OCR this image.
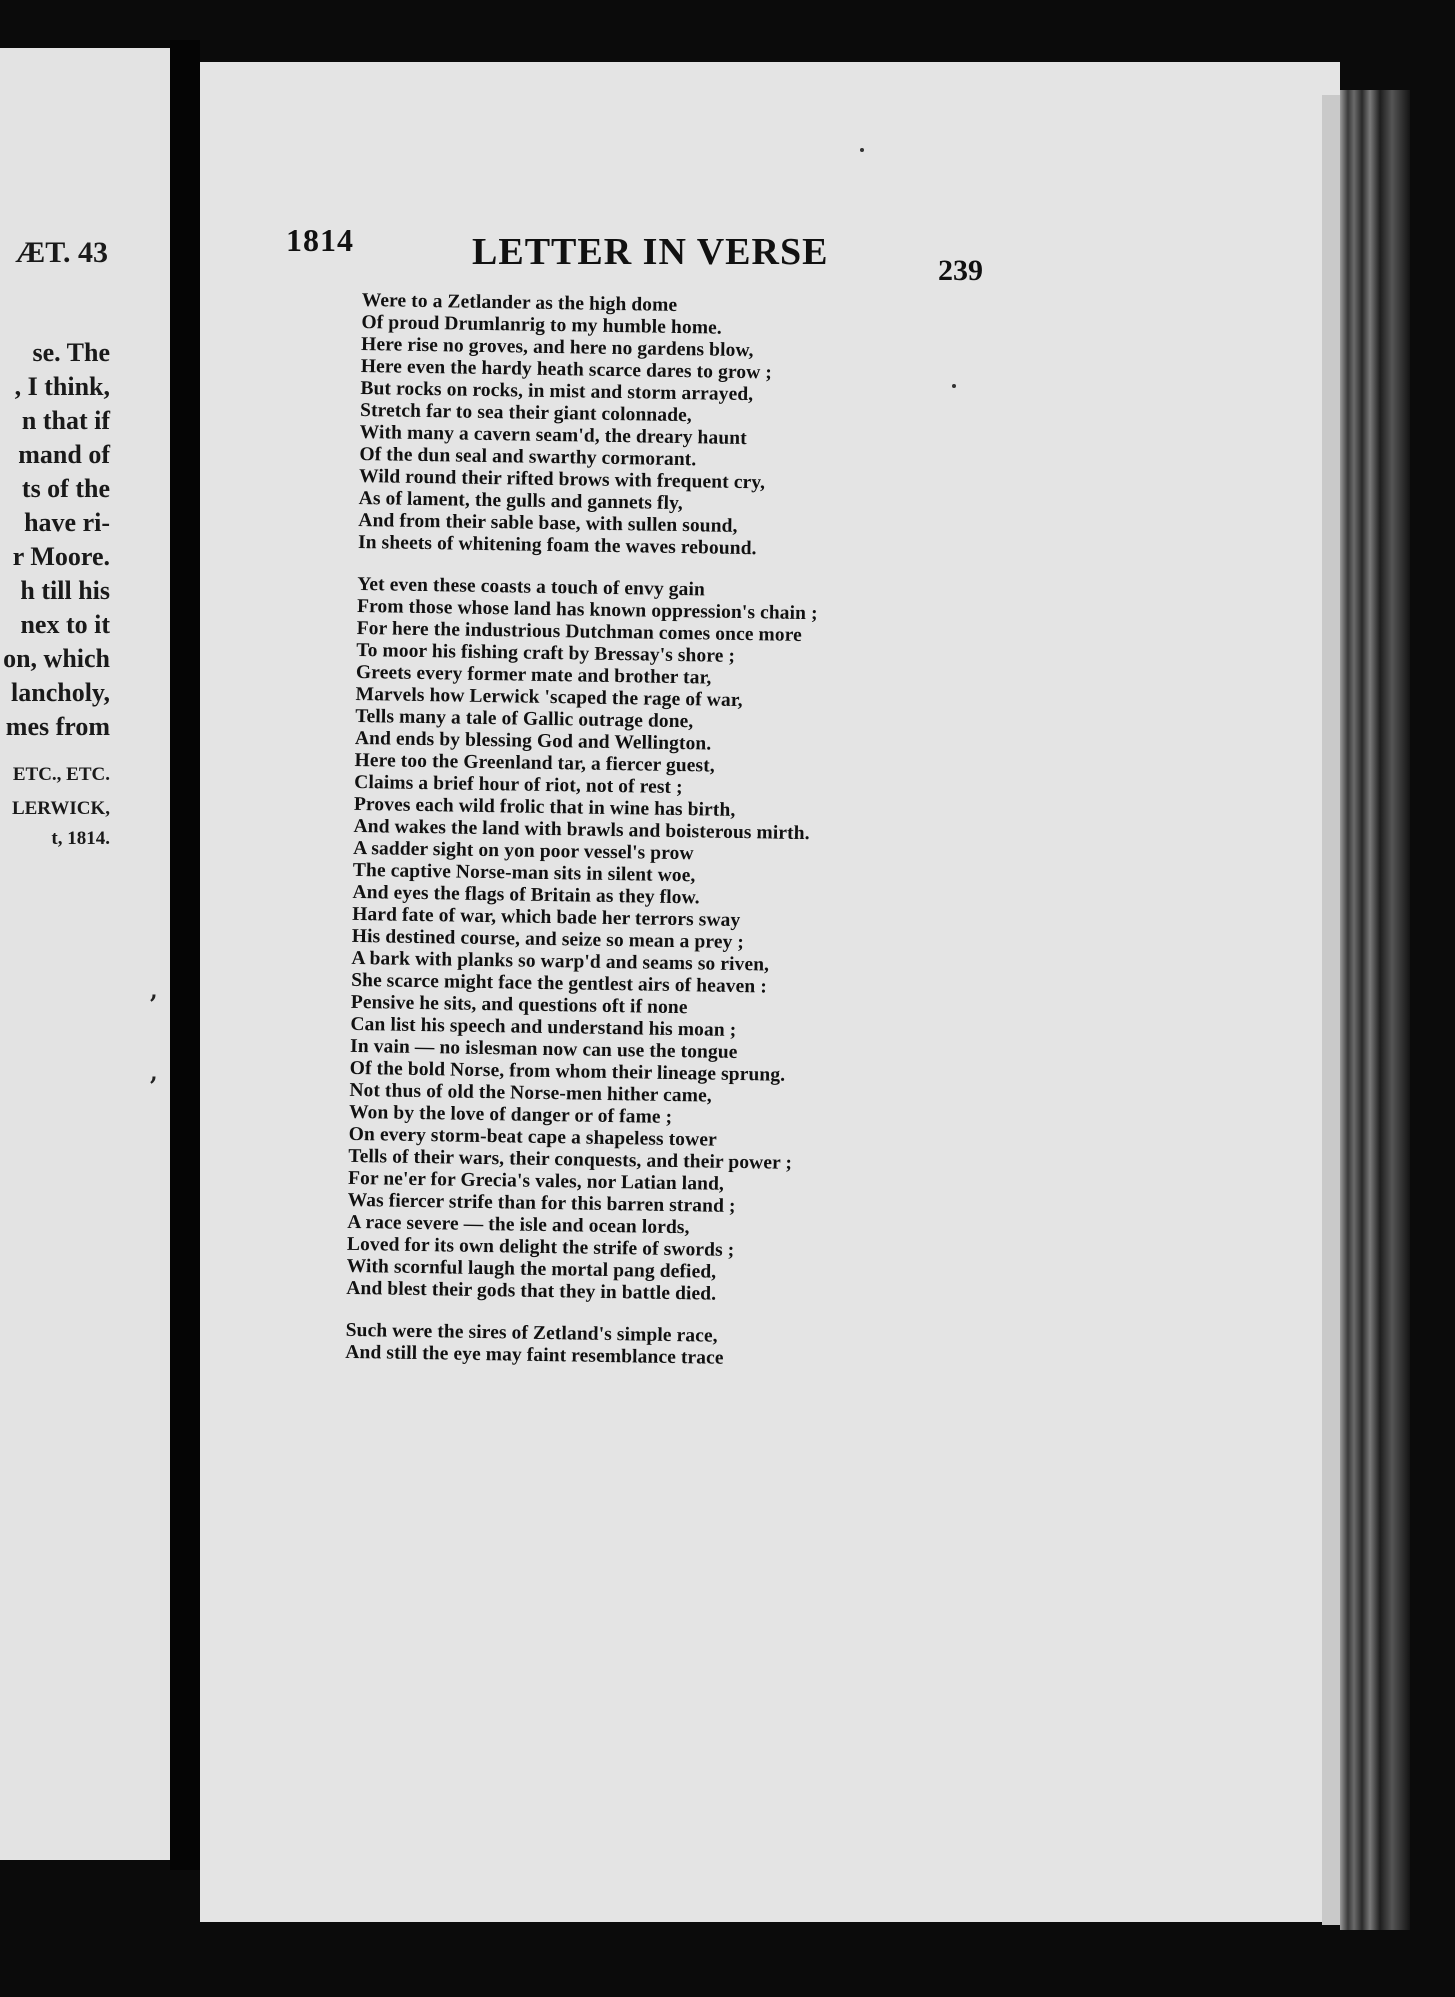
ÆT. 43
se. The
, I think,
n that if
mand of
ts of the
have ri-
r Moore.
h till his
nex to it
on, which
lancholy,
mes from
ETC., ETC.
LERWICK,
t, 1814.
,
,
1814	LETTER IN VERSE	239
Were to a Zetlander as the high dome
Of proud Drumlanrig to my humble home.
Here rise no groves, and here no gardens blow,
Here even the hardy heath scarce dares to grow ;
But rocks on rocks, in mist and storm arrayed,
Stretch far to sea their giant colonnade,
With many a cavern seam'd, the dreary haunt
Of the dun seal and swarthy cormorant.
Wild round their rifted brows with frequent cry,
As of lament, the gulls and gannets fly,
And from their sable base, with sullen sound,
In sheets of whitening foam the waves rebound.
Yet even these coasts a touch of envy gain
From those whose land has known oppression's chain ;
For here the industrious Dutchman comes once more
To moor his fishing craft by Bressay's shore ;
Greets every former mate and brother tar,
Marvels how Lerwick 'scaped the rage of war,
Tells many a tale of Gallic outrage done,
And ends by blessing God and Wellington.
Here too the Greenland tar, a fiercer guest,
Claims a brief hour of riot, not of rest ;
Proves each wild frolic that in wine has birth,
And wakes the land with brawls and boisterous mirth.
A sadder sight on yon poor vessel's prow
The captive Norse-man sits in silent woe,
And eyes the flags of Britain as they flow.
Hard fate of war, which bade her terrors sway
His destined course, and seize so mean a prey ;
A bark with planks so warp'd and seams so riven,
She scarce might face the gentlest airs of heaven :
Pensive he sits, and questions oft if none
Can list his speech and understand his moan ;
In vain — no islesman now can use the tongue
Of the bold Norse, from whom their lineage sprung.
Not thus of old the Norse-men hither came,
Won by the love of danger or of fame ;
On every storm-beat cape a shapeless tower
Tells of their wars, their conquests, and their power ;
For ne'er for Grecia's vales, nor Latian land,
Was fiercer strife than for this barren strand ;
A race severe — the isle and ocean lords,
Loved for its own delight the strife of swords ;
With scornful laugh the mortal pang defied,
And blest their gods that they in battle died.
Such were the sires of Zetland's simple race,
And still the eye may faint resemblance trace
